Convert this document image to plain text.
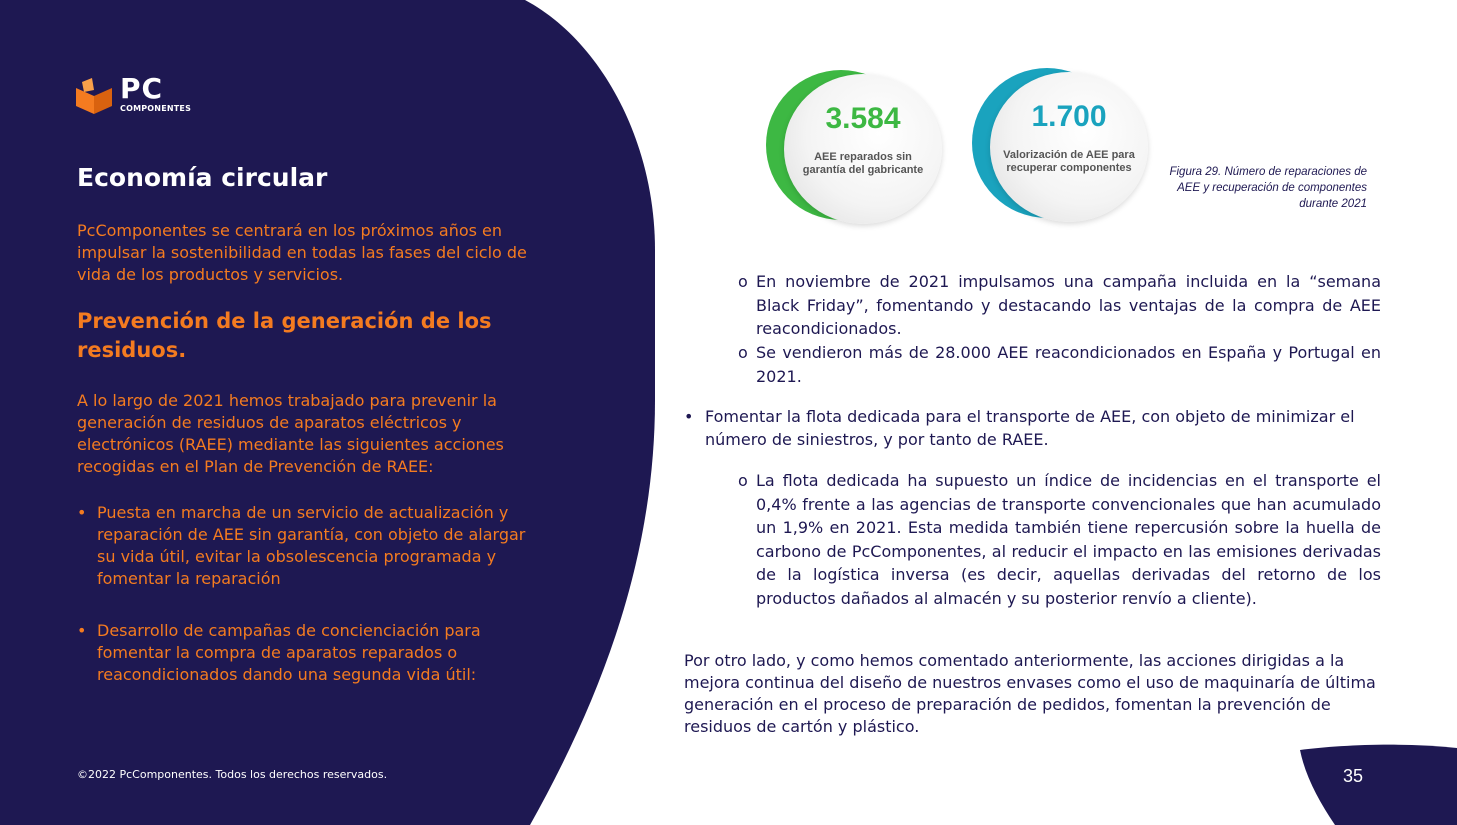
PC
COMPONENTES
Economía circular
PcComponentes se centrará en los próximos años en impulsar la sostenibilidad en todas las fases del ciclo de vida de los productos y servicios.
Prevención de la generación de los residuos.
A lo largo de 2021 hemos trabajado para prevenir la generación de residuos de aparatos eléctricos y electrónicos (RAEE) mediante las siguientes acciones recogidas en el Plan de Prevención de RAEE:
• Puesta en marcha de un servicio de actualización y reparación de AEE sin garantía, con objeto de alargar su vida útil, evitar la obsolescencia programada y fomentar la reparación
• Desarrollo de campañas de concienciación para fomentar la compra de aparatos reparados o reacondicionados dando una segunda vida útil:
©2022 PcComponentes. Todos los derechos reservados.
3.584
AEE reparados sin garantía del gabricante
1.700
Valorización de AEE para recuperar componentes	Figura 29. Número de reparaciones de AEE y recuperación de componentes durante 2021
o En noviembre de 2021 impulsamos una campaña incluida en la “semana Black Friday”, fomentando y destacando las ventajas de la compra de AEE reacondicionados.
o Se vendieron más de 28.000 AEE reacondicionados en España y Portugal en 2021.
• Fomentar la flota dedicada para el transporte de AEE, con objeto de minimizar el número de siniestros, y por tanto de RAEE.
o La flota dedicada ha supuesto un índice de incidencias en el transporte el 0,4% frente a las agencias de transporte convencionales que han acumulado un 1,9% en 2021. Esta medida también tiene repercusión sobre la huella de carbono de PcComponentes, al reducir el impacto en las emisiones derivadas de la logística inversa (es decir, aquellas derivadas del retorno de los productos dañados al almacén y su posterior renvío a cliente).
Por otro lado, y como hemos comentado anteriormente, las acciones dirigidas a la mejora continua del diseño de nuestros envases como el uso de maquinaría de última generación en el proceso de preparación de pedidos, fomentan la prevención de residuos de cartón y plástico.
35
